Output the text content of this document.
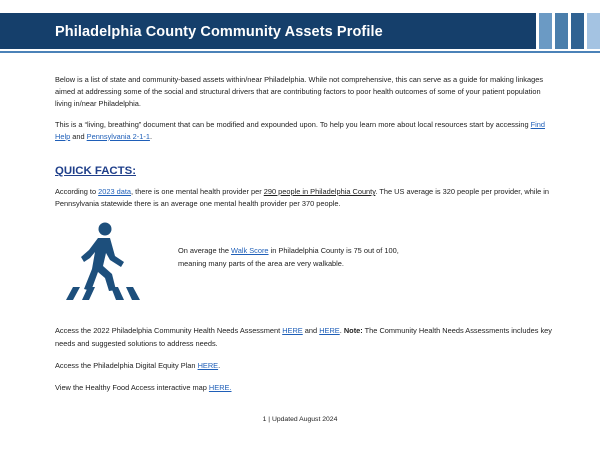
Philadelphia County Community Assets Profile

Below is a list of state and community-based assets within/near Philadelphia. While not comprehensive, this can serve as a guide for making linkages aimed at addressing some of the social and structural drivers that are contributing factors to poor health outcomes of some of your patient population living in/near Philadelphia.

This is a “living, breathing” document that can be modified and expounded upon. To help you learn more about local resources start by accessing Find Help and Pennsylvania 2-1-1.

QUICK FACTS:

According to 2023 data, there is one mental health provider per 290 people in Philadelphia County. The US average is 320 people per provider, while in Pennsylvania statewide there is an average one mental health provider per 370 people.

On average the Walk Score in Philadelphia County is 75 out of 100,

meaning many parts of the area are very walkable.

Access the 2022 Philadelphia Community Health Needs Assessment HERE and HERE. Note: The Community Health Needs Assessments includes key needs and suggested solutions to address needs.

Access the Philadelphia Digital Equity Plan HERE.

View the Healthy Food Access interactive map HERE.

1 | Updated August 2024
